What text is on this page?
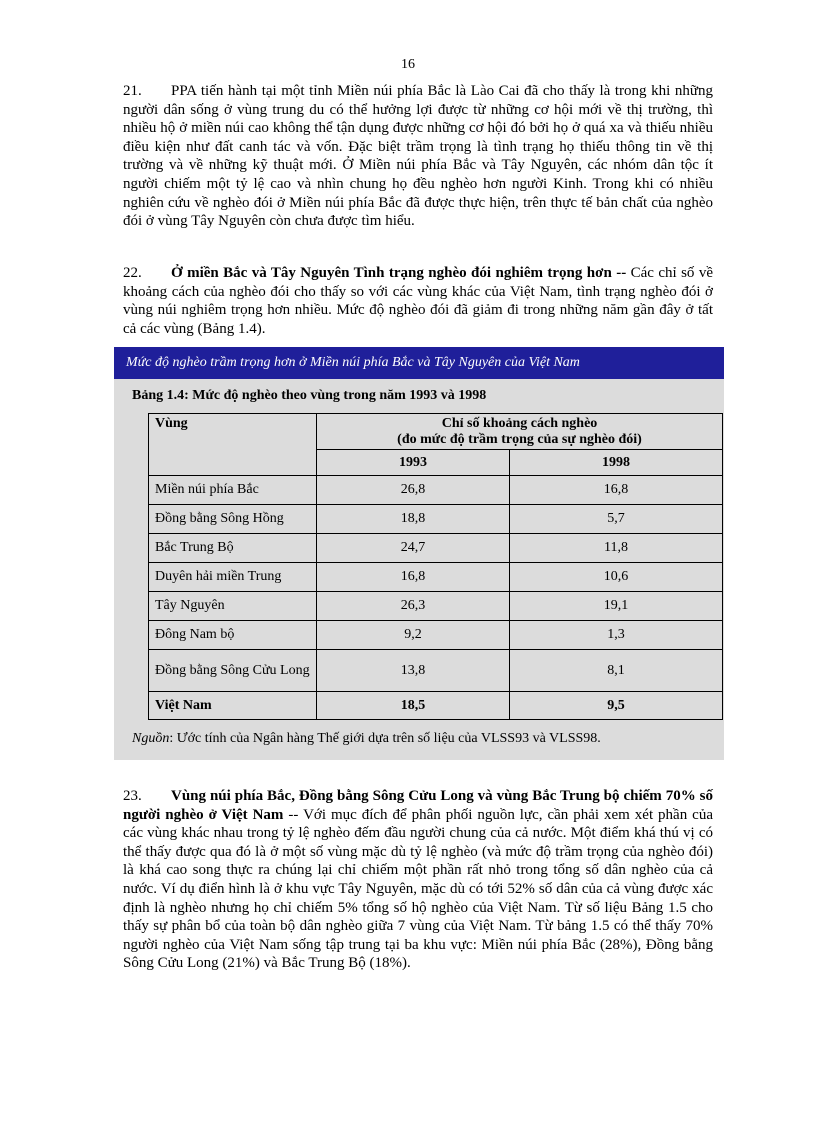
16
21. PPA tiến hành tại một tỉnh Miền núi phía Bắc là Lào Cai đã cho thấy là trong khi những người dân sống ở vùng trung du có thể hưởng lợi được từ những cơ hội mới về thị trường, thì nhiều hộ ở miền núi cao không thể tận dụng được những cơ hội đó bởi họ ở quá xa và thiếu nhiều điều kiện như đất canh tác và vốn. Đặc biệt trầm trọng là tình trạng họ thiếu thông tin về thị trường và về những kỹ thuật mới. Ở Miền núi phía Bắc và Tây Nguyên, các nhóm dân tộc ít người chiếm một tỷ lệ cao và nhìn chung họ đều nghèo hơn người Kinh. Trong khi có nhiều nghiên cứu về nghèo đói ở Miền núi phía Bắc đã được thực hiện, trên thực tế bản chất của nghèo đói ở vùng Tây Nguyên còn chưa được tìm hiểu.
22. Ở miền Bắc và Tây Nguyên Tình trạng nghèo đói nghiêm trọng hơn -- Các chỉ số về khoảng cách của nghèo đói cho thấy so với các vùng khác của Việt Nam, tình trạng nghèo đói ở vùng núi nghiêm trọng hơn nhiều. Mức độ nghèo đói đã giảm đi trong những năm gần đây ở tất cả các vùng (Bảng 1.4).
Mức độ nghèo trầm trọng hơn ở Miền núi phía Bắc và Tây Nguyên của Việt Nam
Bảng 1.4: Mức độ nghèo theo vùng trong năm 1993 và 1998
Vùng	Chỉ số khoảng cách nghèo
(đo mức độ trầm trọng của sự nghèo đói)	

	1993	1998
Miền núi phía Bắc	26,8	16,8
Đồng bằng Sông Hồng	18,8	5,7
Bắc Trung Bộ	24,7	11,8
Duyên hải miền Trung	16,8	10,6
Tây Nguyên	26,3	19,1
Đông Nam bộ	9,2	1,3
Đồng bằng Sông Cửu Long	13,8	8,1
Việt Nam	18,5	9,5
Nguồn: Ước tính của Ngân hàng Thế giới dựa trên số liệu của VLSS93 và VLSS98.
23. Vùng núi phía Bắc, Đồng bằng Sông Cửu Long và vùng Bắc Trung bộ chiếm 70% số người nghèo ở Việt Nam -- Với mục đích để phân phối nguồn lực, cần phải xem xét phần của các vùng khác nhau trong tỷ lệ nghèo đếm đầu người chung của cả nước. Một điểm khá thú vị có thể thấy được qua đó là ở một số vùng mặc dù tỷ lệ nghèo (và mức độ trầm trọng của nghèo đói) là khá cao song thực ra chúng lại chỉ chiếm một phần rất nhỏ trong tổng số dân nghèo của cả nước. Ví dụ điển hình là ở khu vực Tây Nguyên, mặc dù có tới 52% số dân của cả vùng được xác định là nghèo nhưng họ chỉ chiếm 5% tổng số hộ nghèo của Việt Nam. Từ số liệu Bảng 1.5 cho thấy sự phân bổ của toàn bộ dân nghèo giữa 7 vùng của Việt Nam. Từ bảng 1.5 có thể thấy 70% người nghèo của Việt Nam sống tập trung tại ba khu vực: Miền núi phía Bắc (28%), Đồng bằng Sông Cửu Long (21%) và Bắc Trung Bộ (18%).
